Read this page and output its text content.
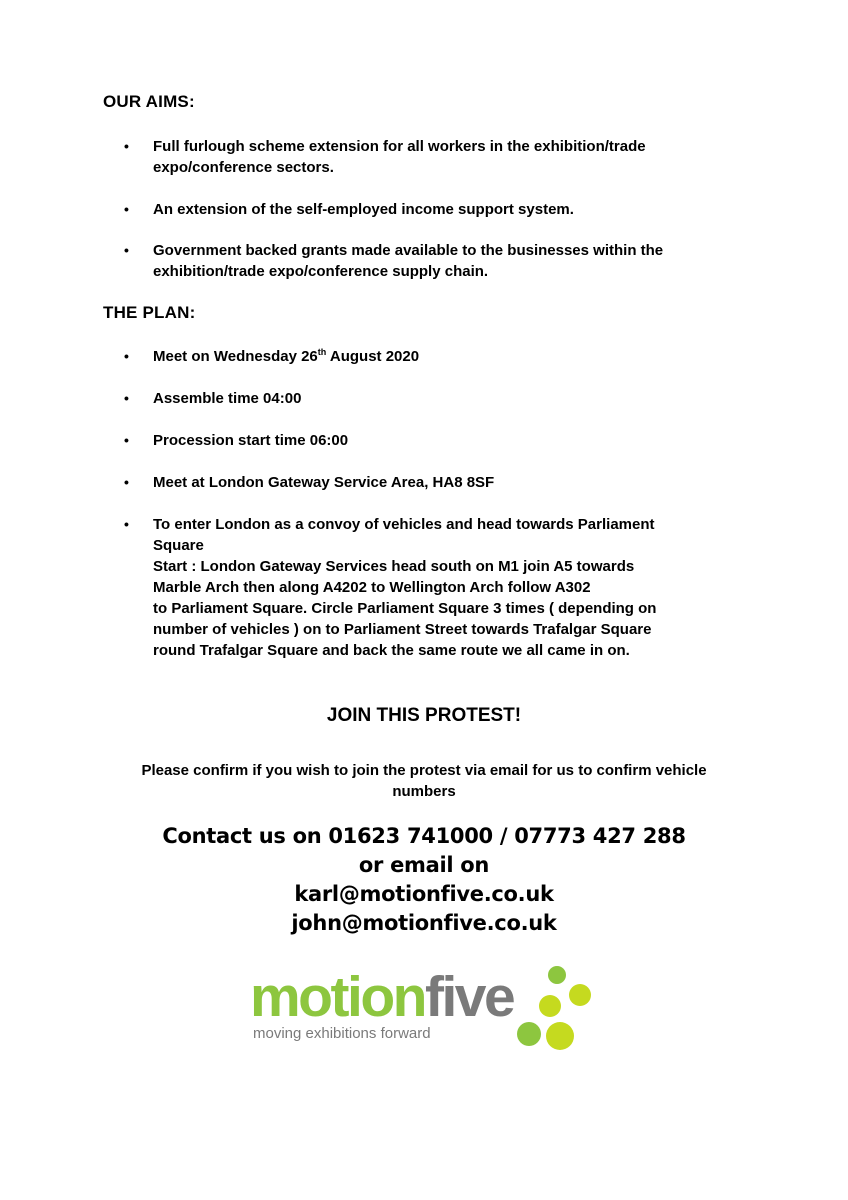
OUR AIMS:
• Full furlough scheme extension for all workers in the exhibition/trade
expo/conference sectors.
• An extension of the self-employed income support system.
• Government backed grants made available to the businesses within the
exhibition/trade expo/conference supply chain.
THE PLAN:
• Meet on Wednesday 26th August 2020
• Assemble time 04:00
• Procession start time 06:00
• Meet at London Gateway Service Area, HA8 8SF
• To enter London as a convoy of vehicles and head towards Parliament
Square
Start : London Gateway Services head south on M1 join A5 towards
Marble Arch then along A4202 to Wellington Arch follow A302
to Parliament Square. Circle Parliament Square 3 times ( depending on
number of vehicles ) on to Parliament Street towards Trafalgar Square
round Trafalgar Square and back the same route we all came in on.
JOIN THIS PROTEST!
Please confirm if you wish to join the protest via email for us to confirm vehicle
numbers
Contact us on 01623 741000 / 07773 427 288
or email on
karl@motionfive.co.uk
john@motionfive.co.uk
motionfive
moving exhibitions forward
